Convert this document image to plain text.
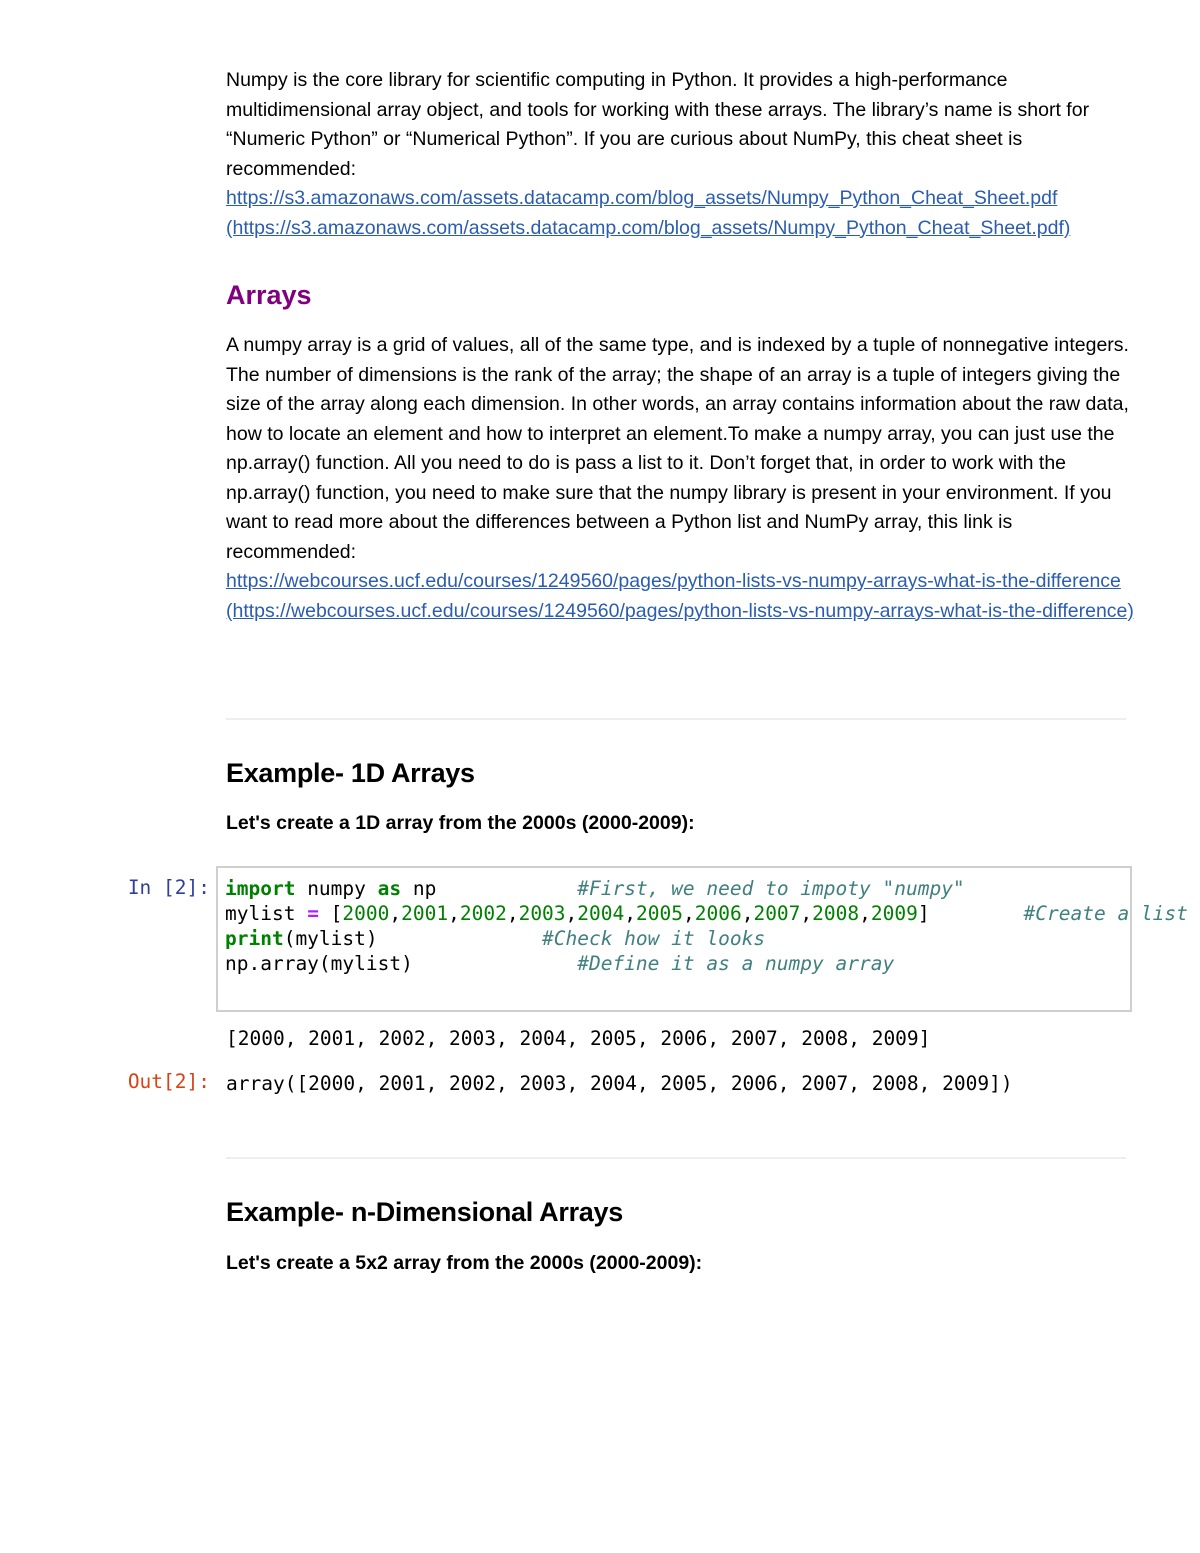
Numpy is the core library for scientific computing in Python. It provides a high-performance multidimensional array object, and tools for working with these arrays. The library’s name is short for “Numeric Python” or “Numerical Python”. If you are curious about NumPy, this cheat sheet is recommended:
https://s3.amazonaws.com/assets.datacamp.com/blog_assets/Numpy_Python_Cheat_Sheet.pdf
(https://s3.amazonaws.com/assets.datacamp.com/blog_assets/Numpy_Python_Cheat_Sheet.pdf)

Arrays

A numpy array is a grid of values, all of the same type, and is indexed by a tuple of nonnegative integers. The number of dimensions is the rank of the array; the shape of an array is a tuple of integers giving the size of the array along each dimension. In other words, an array contains information about the raw data, how to locate an element and how to interpret an element.To make a numpy array, you can just use the np.array() function. All you need to do is pass a list to it. Don’t forget that, in order to work with the np.array() function, you need to make sure that the numpy library is present in your environment. If you want to read more about the differences between a Python list and NumPy array, this link is recommended:
https://webcourses.ucf.edu/courses/1249560/pages/python-lists-vs-numpy-arrays-what-is-the-difference (https://webcourses.ucf.edu/courses/1249560/pages/python-lists-vs-numpy-arrays-what-is-the-difference)

Example- 1D Arrays

Let's create a 1D array from the 2000s (2000-2009):

In [2]: import numpy as np	#First, we need to impoty "numpy"
mylist = [2000,2001,2002,2003,2004,2005,2006,2007,2008,2009]	#Create a list
print(mylist)	#Check how it looks
np.array(mylist)	#Define it as a numpy array
[2000, 2001, 2002, 2003, 2004, 2005, 2006, 2007, 2008, 2009]
Out[2]: array([2000, 2001, 2002, 2003, 2004, 2005, 2006, 2007, 2008, 2009])
Example- n-Dimensional Arrays

Let's create a 5x2 array from the 2000s (2000-2009):
